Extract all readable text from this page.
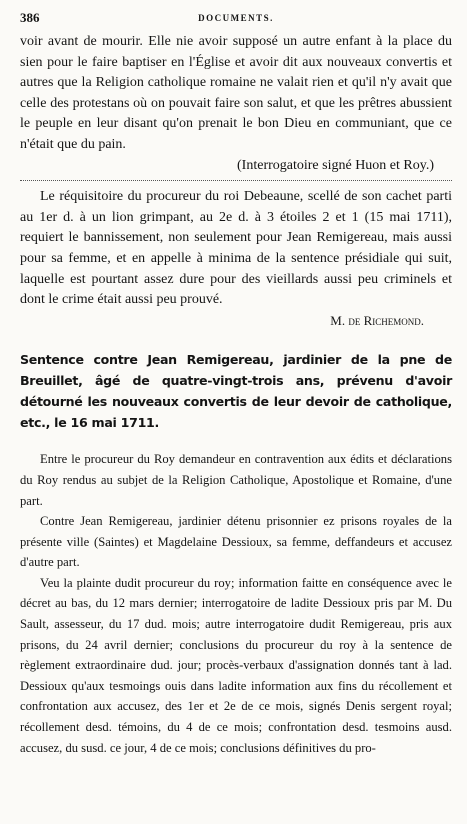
386	DOCUMENTS.

voir avant de mourir. Elle nie avoir supposé un autre enfant à la place du sien pour le faire baptiser en l'Église et avoir dit aux nouveaux convertis et autres que la Religion catholique romaine ne valait rien et qu'il n'y avait que celle des protestans où on pouvait faire son salut, et que les prêtres abussient le peuple en leur disant qu'on prenait le bon Dieu en communiant, que ce n'était que du pain.

(Interrogatoire signé Huon et Roy.)

Le réquisitoire du procureur du roi Debeaune, scellé de son cachet parti au 1er d. à un lion grimpant, au 2e d. à 3 étoiles 2 et 1 (15 mai 1711), requiert le bannissement, non seulement pour Jean Remigereau, mais aussi pour sa femme, et en appelle à minima de la sentence présidiale qui suit, laquelle est pourtant assez dure pour des vieillards aussi peu criminels et dont le crime était aussi peu prouvé.

M. de Richemond.

Sentence contre Jean Remigereau, jardinier de la pne de Breuillet, âgé de quatre-vingt-trois ans, prévenu d'avoir détourné les nouveaux convertis de leur devoir de catholique, etc., le 16 mai 1711.

Entre le procureur du Roy demandeur en contravention aux édits et déclarations du Roy rendus au subjet de la Religion Catholique, Apostolique et Romaine, d'une part.

Contre Jean Remigereau, jardinier détenu prisonnier ez prisons royales de la présente ville (Saintes) et Magdelaine Dessioux, sa femme, deffandeurs et accusez d'autre part.

Veu la plainte dudit procureur du roy; information faitte en conséquence avec le décret au bas, du 12 mars dernier; interrogatoire de ladite Dessioux pris par M. Du Sault, assesseur, du 17 dud. mois; autre interrogatoire dudit Remigereau, pris aux prisons, du 24 avril dernier; conclusions du procureur du roy à la sentence de règlement extraordinaire dud. jour; procès-verbaux d'assignation donnés tant à lad. Dessioux qu'aux tesmoings ouis dans ladite information aux fins du récollement et confrontation aux accusez, des 1er et 2e de ce mois, signés Denis sergent royal; récollement desd. témoins, du 4 de ce mois; confrontation desd. tesmoins ausd. accusez, du susd. ce jour, 4 de ce mois; conclusions définitives du pro-
